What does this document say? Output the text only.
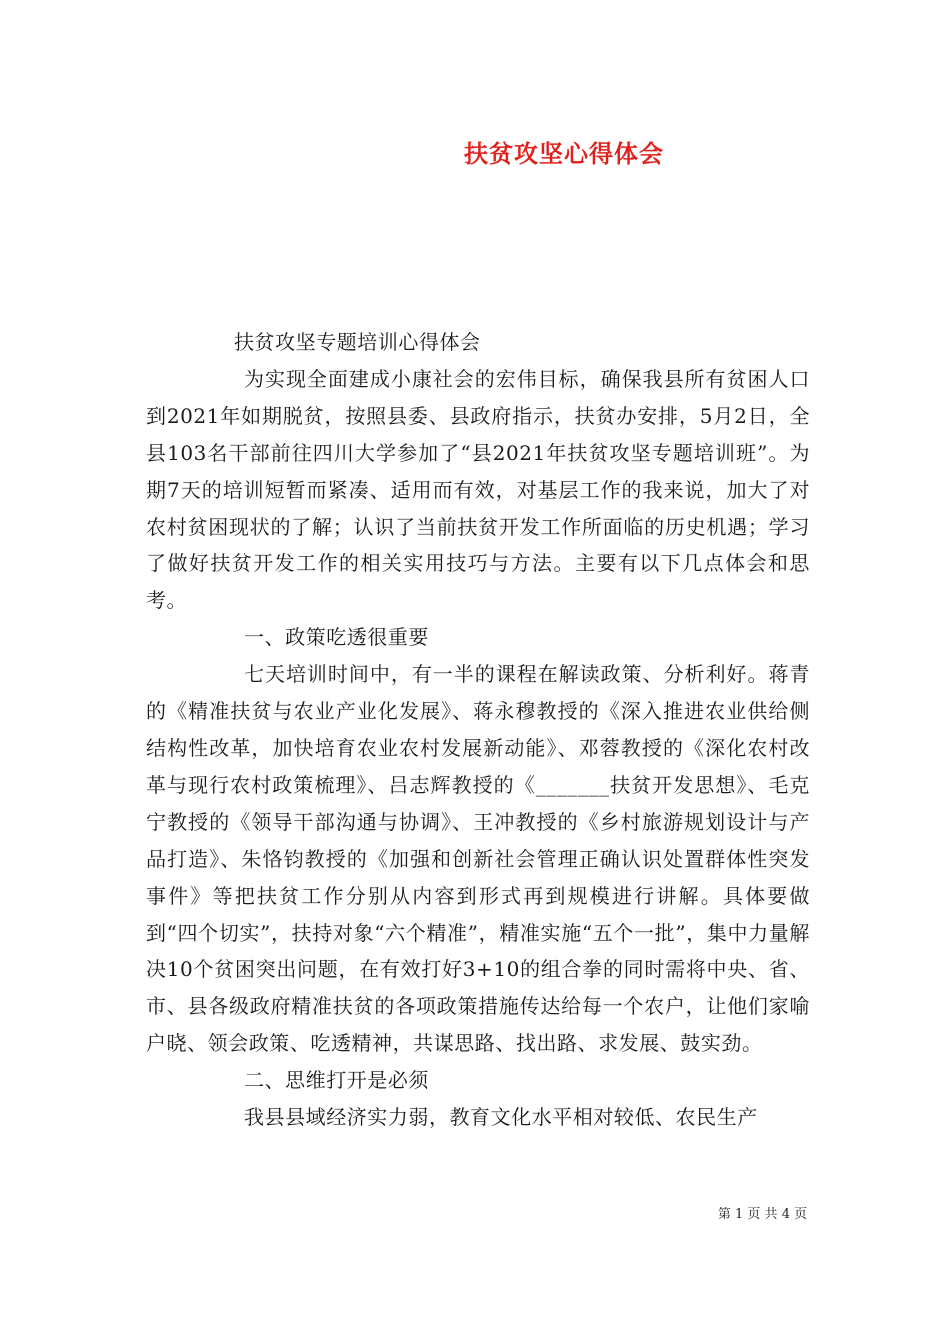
扶贫攻坚心得体会

扶贫攻坚专题培训心得体会

为实现全面建成小康社会的宏伟目标，确保我县所有贫困人口到2021年如期脱贫，按照县委、县政府指示，扶贫办安排，5月2日，全县103名干部前往四川大学参加了“县2021年扶贫攻坚专题培训班”。为期7天的培训短暂而紧凑、适用而有效，对基层工作的我来说，加大了对农村贫困现状的了解；认识了当前扶贫开发工作所面临的历史机遇；学习了做好扶贫开发工作的相关实用技巧与方法。主要有以下几点体会和思考。

一、政策吃透很重要

七天培训时间中，有一半的课程在解读政策、分析利好。蒋青的《精准扶贫与农业产业化发展》、蒋永穆教授的《深入推进农业供给侧结构性改革，加快培育农业农村发展新动能》、邓蓉教授的《深化农村改革与现行农村政策梳理》、吕志辉教授的《_______扶贫开发思想》、毛克宁教授的《领导干部沟通与协调》、王冲教授的《乡村旅游规划设计与产品打造》、朱恪钧教授的《加强和创新社会管理正确认识处置群体性突发事件》等把扶贫工作分别从内容到形式再到规模进行讲解。具体要做到“四个切实”，扶持对象“六个精准”，精准实施“五个一批”，集中力量解决10个贫困突出问题，在有效打好3+10的组合拳的同时需将中央、省、市、县各级政府精准扶贫的各项政策措施传达给每一个农户，让他们家喻户晓、领会政策、吃透精神，共谋思路、找出路、求发展、鼓实劲。

二、思维打开是必须

我县县域经济实力弱，教育文化水平相对较低、农民生产

第 1 页 共 4 页
